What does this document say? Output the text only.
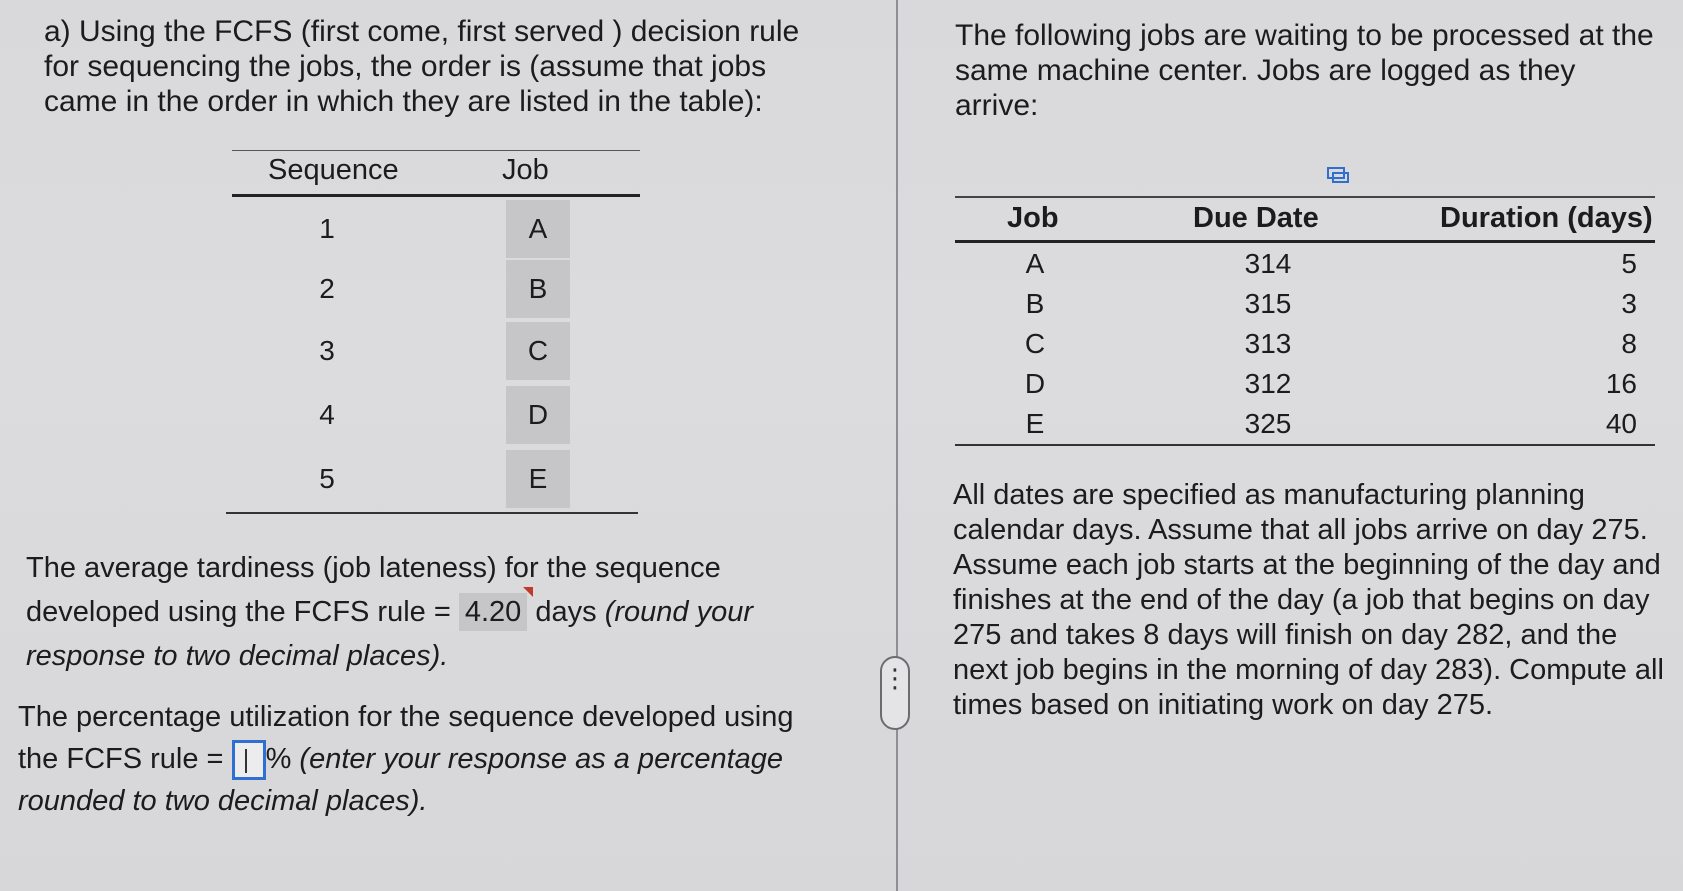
a) Using the FCFS (first come, first served ) decision rule for sequencing the jobs, the order is (assume that jobs came in the order in which they are listed in the table):
Sequence	Job
1	A
2	B
3	C
4	D
5	E
The average tardiness (job lateness) for the sequence developed using the FCFS rule = 4.20 days (round your response to two decimal places).
The percentage utilization for the sequence developed using the FCFS rule = % (enter your response as a percentage rounded to two decimal places).
⋮
The following jobs are waiting to be processed at the same machine center. Jobs are logged as they arrive:
Job	Due Date	Duration (days)
A	314	5
B	315	3
C	313	8
D	312	16
E	325	40
All dates are specified as manufacturing planning calendar days. Assume that all jobs arrive on day 275. Assume each job starts at the beginning of the day and finishes at the end of the day (a job that begins on day 275 and takes 8 days will finish on day 282, and the next job begins in the morning of day 283). Compute all times based on initiating work on day 275.
